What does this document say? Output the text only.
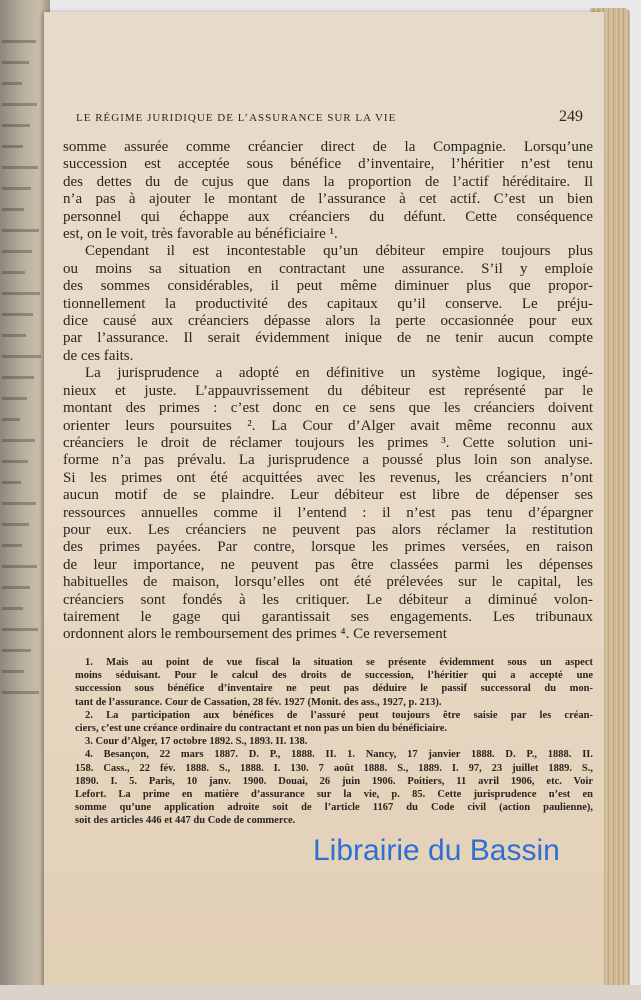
LE RÉGIME JURIDIQUE DE L’ASSURANCE SUR LA VIE	249
somme assurée comme créancier direct de la Compagnie. Lorsqu’une
succession est acceptée sous bénéfice d’inventaire, l’héritier n’est tenu
des dettes du de cujus que dans la proportion de l’actif héréditaire. Il
n’a pas à ajouter le montant de l’assurance à cet actif. C’est un bien
personnel qui échappe aux créanciers du défunt. Cette conséquence
est, on le voit, très favorable au bénéficiaire ¹.
Cependant il est incontestable qu’un débiteur empire toujours plus
ou moins sa situation en contractant une assurance. S’il y emploie
des sommes considérables, il peut même diminuer plus que propor-
tionnellement la productivité des capitaux qu’il conserve. Le préju-
dice causé aux créanciers dépasse alors la perte occasionnée pour eux
par l’assurance. Il serait évidemment inique de ne tenir aucun compte
de ces faits.
La jurisprudence a adopté en définitive un système logique, ingé-
nieux et juste. L’appauvrissement du débiteur est représenté par le
montant des primes : c’est donc en ce sens que les créanciers doivent
orienter leurs poursuites ². La Cour d’Alger avait même reconnu aux
créanciers le droit de réclamer toujours les primes ³. Cette solution uni-
forme n’a pas prévalu. La jurisprudence a poussé plus loin son analyse.
Si les primes ont été acquittées avec les revenus, les créanciers n’ont
aucun motif de se plaindre. Leur débiteur est libre de dépenser ses
ressources annuelles comme il l’entend : il n’est pas tenu d’épargner
pour eux. Les créanciers ne peuvent pas alors réclamer la restitution
des primes payées. Par contre, lorsque les primes versées, en raison
de leur importance, ne peuvent pas être classées parmi les dépenses
habituelles de maison, lorsqu’elles ont été prélevées sur le capital, les
créanciers sont fondés à les critiquer. Le débiteur a diminué volon-
tairement le gage qui garantissait ses engagements. Les tribunaux
ordonnent alors le remboursement des primes ⁴. Ce reversement
1. Mais au point de vue fiscal la situation se présente évidemment sous un aspect
moins séduisant. Pour le calcul des droits de succession, l’héritier qui a accepté une
succession sous bénéfice d’inventaire ne peut pas déduire le passif successoral du mon-
tant de l’assurance. Cour de Cassation, 28 fév. 1927 (Monit. des ass., 1927, p. 213).
2. La participation aux bénéfices de l’assuré peut toujours être saisie par les créan-
ciers, c’est une créance ordinaire du contractant et non pas un bien du bénéficiaire.
3. Cour d’Alger, 17 octobre 1892. S., 1893. II. 138.
4. Besançon, 22 mars 1887. D. P., 1888. II. 1. Nancy, 17 janvier 1888. D. P., 1888. II.
158. Cass., 22 fév. 1888. S., 1888. I. 130. 7 août 1888. S., 1889. I. 97, 23 juillet 1889. S.,
1890. I. 5. Paris, 10 janv. 1900. Douai, 26 juin 1906. Poitiers, 11 avril 1906, etc. Voir
Lefort. La prime en matière d’assurance sur la vie, p. 85. Cette jurisprudence n’est en
somme qu’une application adroite soit de l’article 1167 du Code civil (action paulienne),
soit des articles 446 et 447 du Code de commerce.
Librairie du Bassin
